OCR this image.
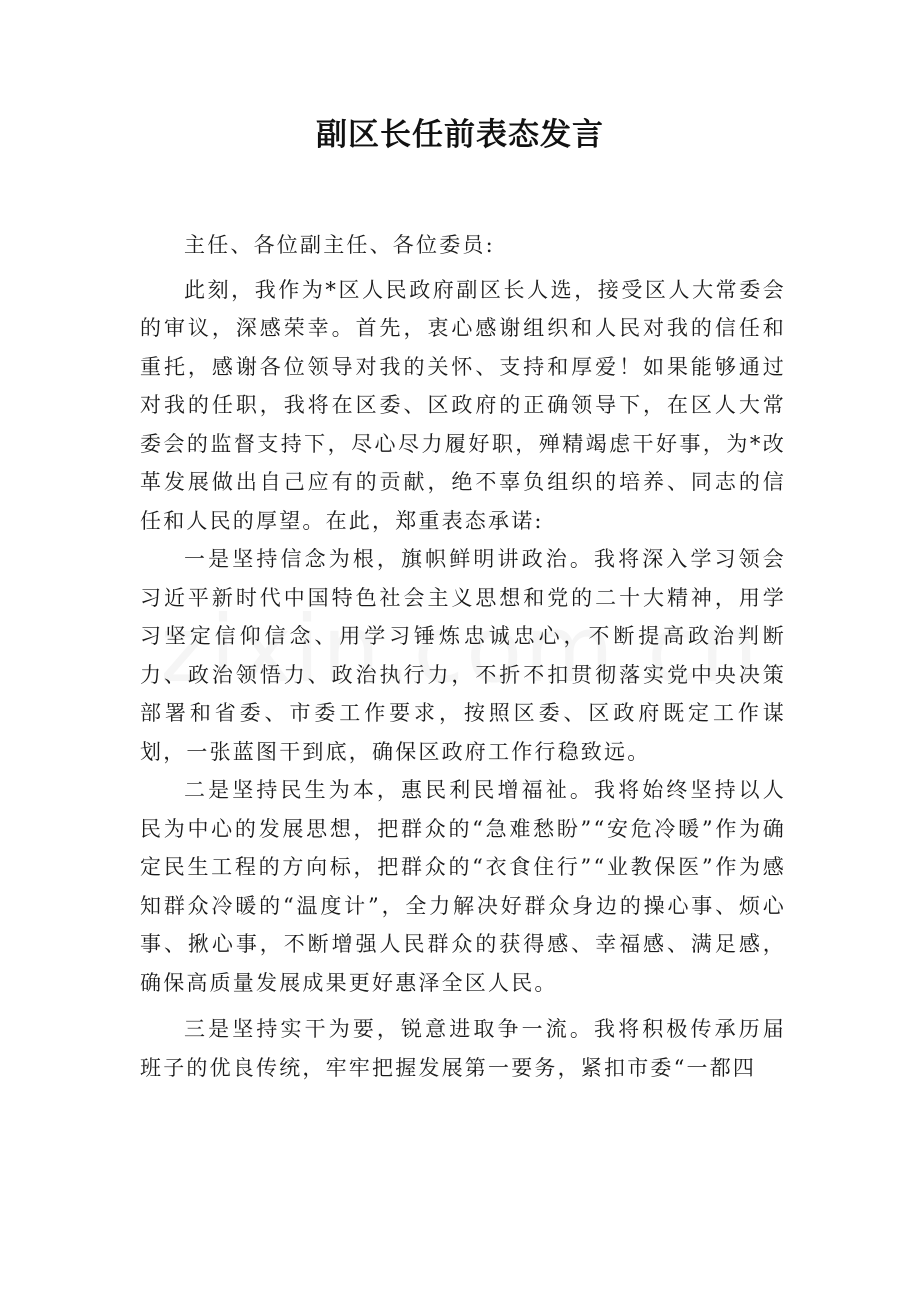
副区长任前表态发言

主任、各位副主任、各位委员:

此刻，我作为*区人民政府副区长人选，接受区人大常委会的审议，深感荣幸。首先，衷心感谢组织和人民对我的信任和重托，感谢各位领导对我的关怀、支持和厚爱！如果能够通过对我的任职，我将在区委、区政府的正确领导下，在区人大常委会的监督支持下，尽心尽力履好职，殚精竭虑干好事，为*改革发展做出自己应有的贡献，绝不辜负组织的培养、同志的信任和人民的厚望。在此，郑重表态承诺:

一是坚持信念为根，旗帜鲜明讲政治。我将深入学习领会习近平新时代中国特色社会主义思想和党的二十大精神，用学习坚定信仰信念、用学习锤炼忠诚忠心，不断提高政治判断力、政治领悟力、政治执行力，不折不扣贯彻落实党中央决策部署和省委、市委工作要求，按照区委、区政府既定工作谋划，一张蓝图干到底，确保区政府工作行稳致远。

二是坚持民生为本，惠民利民增福祉。我将始终坚持以人民为中心的发展思想，把群众的“急难愁盼”“安危冷暖”作为确定民生工程的方向标，把群众的“衣食住行”“业教保医”作为感知群众冷暖的“温度计”，全力解决好群众身边的操心事、烦心事、揪心事，不断增强人民群众的获得感、幸福感、满足感，确保高质量发展成果更好惠泽全区人民。

三是坚持实干为要，锐意进取争一流。我将积极传承历届班子的优良传统，牢牢把握发展第一要务，紧扣市委“一都四
